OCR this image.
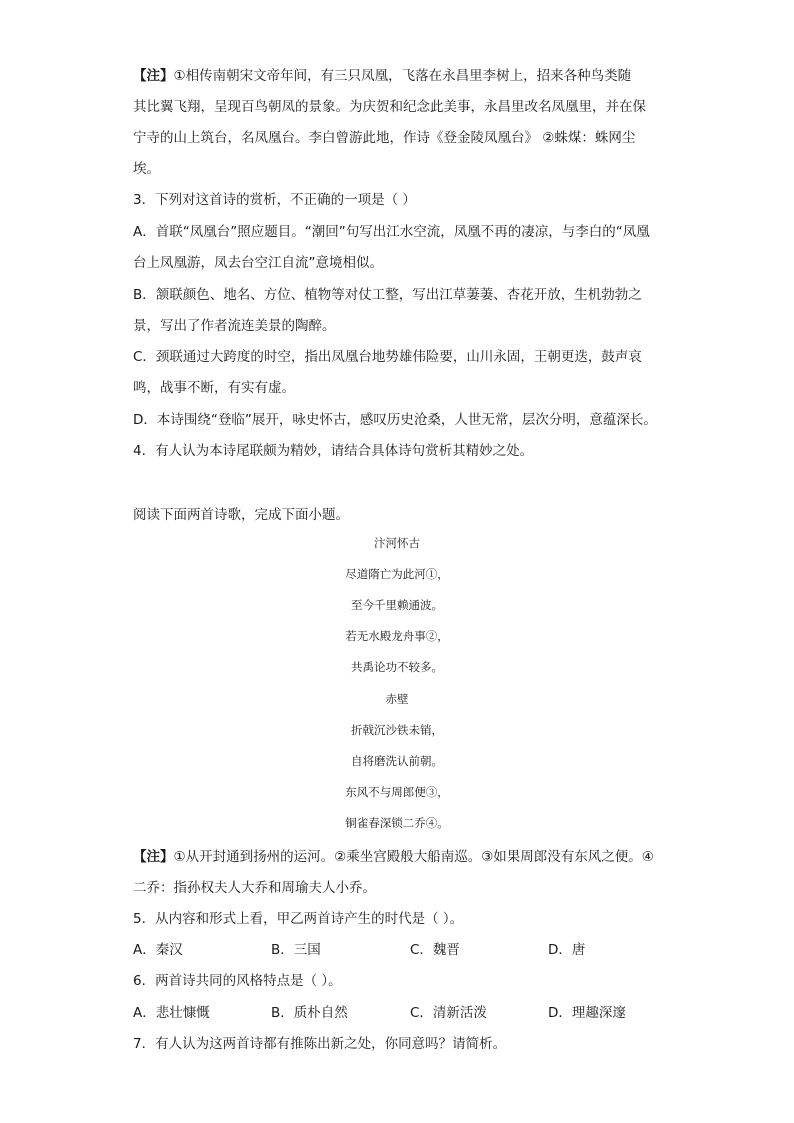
【注】①相传南朝宋文帝年间，有三只凤凰，飞落在永昌里李树上，招来各种鸟类随
其比翼飞翔，呈现百鸟朝凤的景象。为庆贺和纪念此美事，永昌里改名凤凰里，并在保
宁寺的山上筑台，名凤凰台。李白曾游此地，作诗《登金陵凤凰台》 ②蛛煤：蛛网尘
埃。
3．下列对这首诗的赏析，不正确的一项是（ ）
A．首联“凤凰台”照应题目。“潮回”句写出江水空流，凤凰不再的凄凉，与李白的“凤凰
台上凤凰游，凤去台空江自流”意境相似。
B．颔联颜色、地名、方位、植物等对仗工整，写出江草萋萋、杏花开放，生机勃勃之
景，写出了作者流连美景的陶醉。
C．颈联通过大跨度的时空，指出凤凰台地势雄伟险要，山川永固，王朝更迭，鼓声哀
鸣，战事不断，有实有虚。
D．本诗围绕“登临”展开，咏史怀古，感叹历史沧桑，人世无常，层次分明，意蕴深长。
4．有人认为本诗尾联颇为精妙，请结合具体诗句赏析其精妙之处。
阅读下面两首诗歌，完成下面小题。
汴河怀古
尽道隋亡为此河①，
至今千里赖通波。
若无水殿龙舟事②，
共禹论功不较多。
赤壁
折戟沉沙铁未销，
自将磨洗认前朝。
东风不与周郎便③，
铜雀春深锁二乔④。
【注】①从开封通到扬州的运河。②乘坐宫殿般大船南巡。③如果周郎没有东风之便。④
二乔：指孙权夫人大乔和周瑜夫人小乔。
5．从内容和形式上看，甲乙两首诗产生的时代是（ ）。
A．秦汉	B．三国	C．魏晋	D．唐
6．两首诗共同的风格特点是（ ）。
A．悲壮慷慨	B．质朴自然	C．清新活泼	D．理趣深邃
7．有人认为这两首诗都有推陈出新之处，你同意吗？请简析。
